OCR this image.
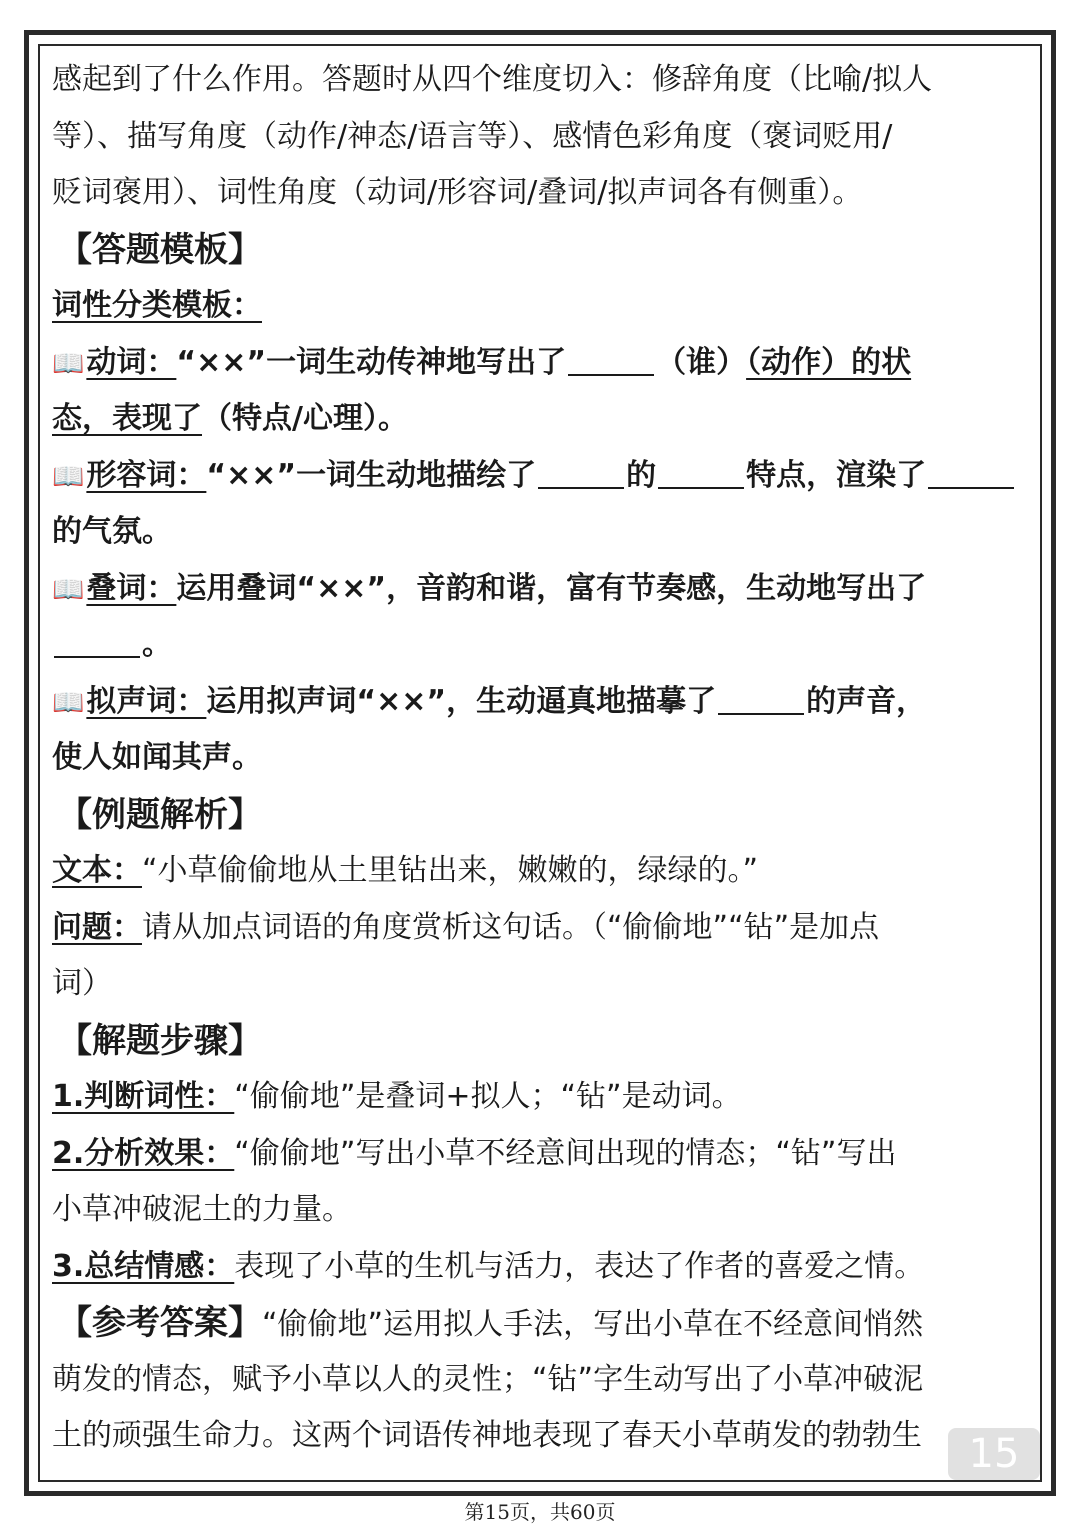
感起到了什么作用。答题时从四个维度切入：修辞角度（比喻/拟人
等）、描写角度（动作/神态/语言等）、感情色彩角度（褒词贬用/
贬词褒用）、词性角度（动词/形容词/叠词/拟声词各有侧重）。
【答题模板】
词性分类模板：
📖动词：“××”一词生动传神地写出了	（谁）（动作）的状
态，表现了（特点/心理）。
📖形容词：“××”一词生动地描绘了	的	特点，渲染了
的气氛。
📖叠词：运用叠词“××”，音韵和谐，富有节奏感，生动地写出了
。
📖拟声词：运用拟声词“××”，生动逼真地描摹了	的声音，
使人如闻其声。
【例题解析】
文本：“小草偷偷地从土里钻出来，嫩嫩的，绿绿的。”
问题：请从加点词语的角度赏析这句话。（“偷偷地”“钻”是加点
词）
【解题步骤】
1.判断词性：“偷偷地”是叠词+拟人；“钻”是动词。
2.分析效果：“偷偷地”写出小草不经意间出现的情态；“钻”写出
小草冲破泥土的力量。
3.总结情感：表现了小草的生机与活力，表达了作者的喜爱之情。
【参考答案】“偷偷地”运用拟人手法，写出小草在不经意间悄然
萌发的情态，赋予小草以人的灵性；“钻”字生动写出了小草冲破泥
土的顽强生命力。这两个词语传神地表现了春天小草萌发的勃勃生	15
第15页，共60页
